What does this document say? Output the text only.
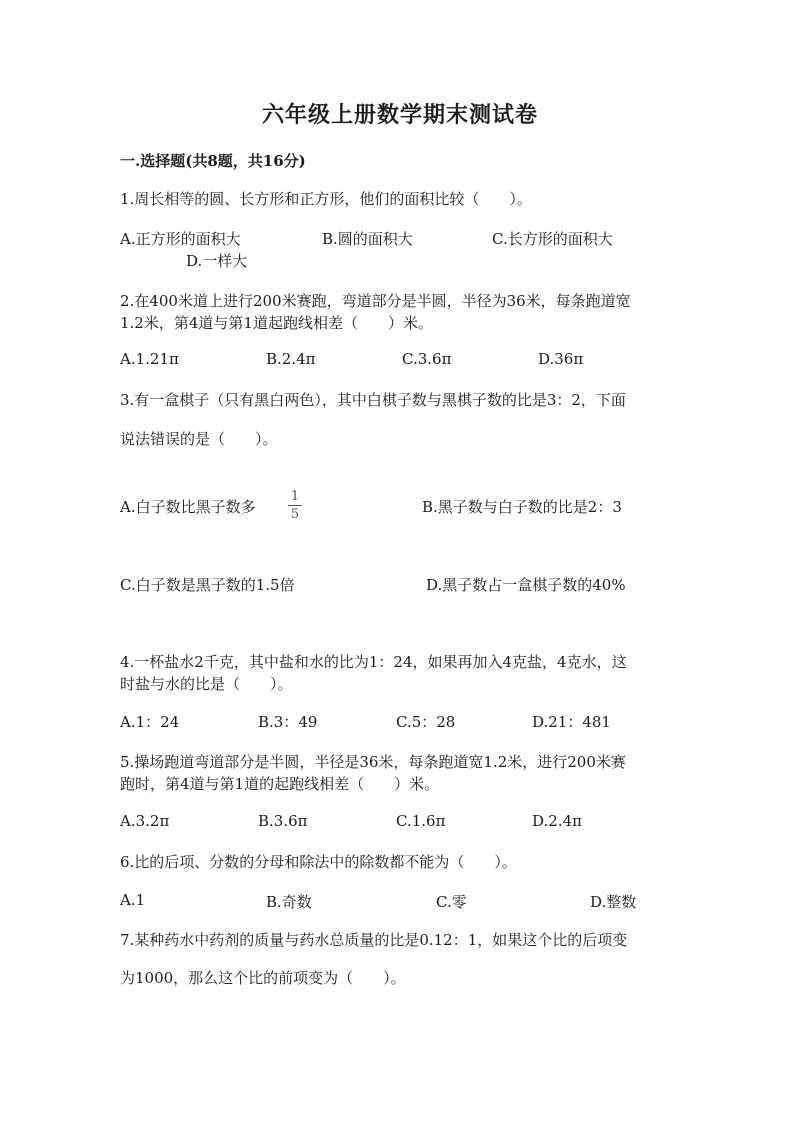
六年级上册数学期末测试卷
一.选择题(共8题，共16分)
1.周长相等的圆、长方形和正方形，他们的面积比较（　　）。
A.正方形的面积大	B.圆的面积大	C.长方形的面积大
D.一样大
2.在400米道上进行200米赛跑，弯道部分是半圆，半径为36米，每条跑道宽
1.2米，第4道与第1道起跑线相差（　　）米。
A.1.21π	B.2.4π	C.3.6π	D.36π
3.有一盒棋子（只有黑白两色），其中白棋子数与黑棋子数的比是3：2，下面
说法错误的是（　　）。
A.白子数比黑子数多
1
5	B.黑子数与白子数的比是2：3
C.白子数是黑子数的1.5倍	D.黑子数占一盒棋子数的40%
4.一杯盐水2千克，其中盐和水的比为1：24，如果再加入4克盐，4克水，这
时盐与水的比是（　　）。
A.1：24	B.3：49	C.5：28	D.21：481
5.操场跑道弯道部分是半圆，半径是36米，每条跑道宽1.2米，进行200米赛
跑时，第4道与第1道的起跑线相差（　　）米。
A.3.2π	B.3.6π	C.1.6π	D.2.4π
6.比的后项、分数的分母和除法中的除数都不能为（　　）。
A.1	B.奇数	C.零	D.整数
7.某种药水中药剂的质量与药水总质量的比是0.12：1，如果这个比的后项变
为1000，那么这个比的前项变为（　　）。
